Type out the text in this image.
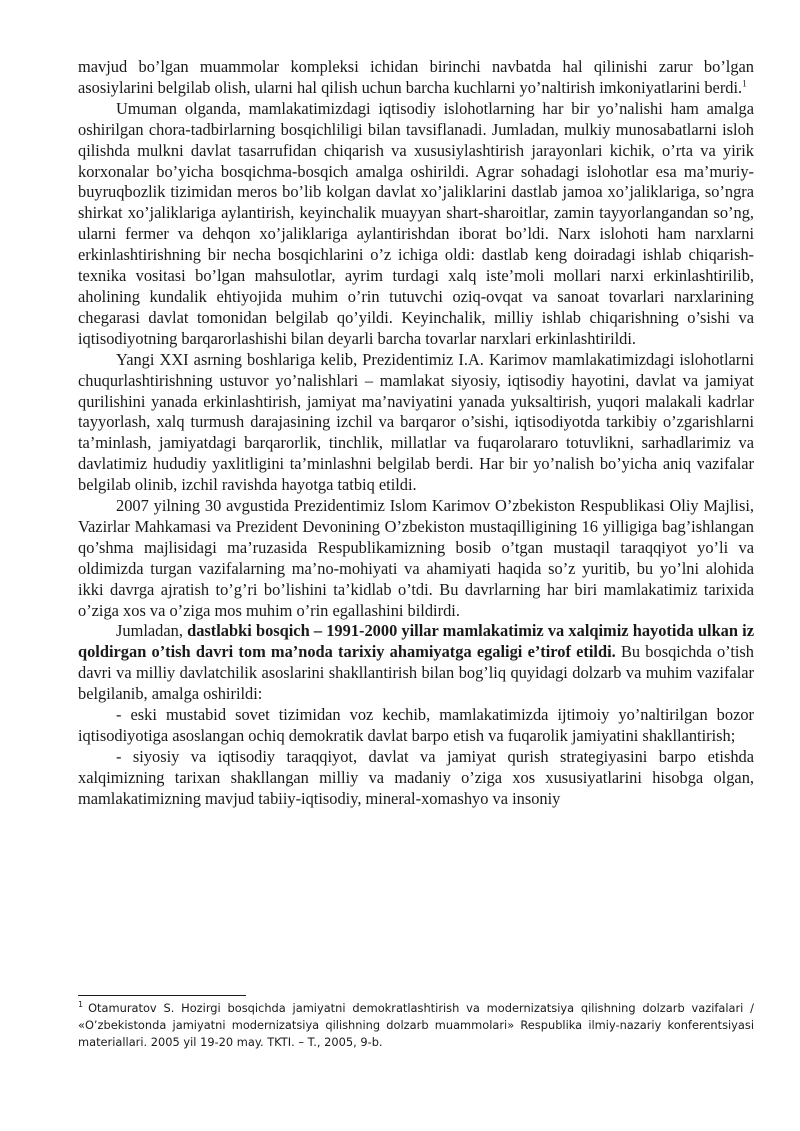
mavjud bo’lgan muammolar kompleksi ichidan birinchi navbatda hal qilinishi zarur bo’lgan asosiylarini belgilab olish, ularni hal qilish uchun barcha kuchlarni yo’naltirish imkoniyatlarini berdi.$^1$

Umuman olganda, mamlakatimizdagi iqtisodiy islohotlarning har bir yo’nalishi ham amalga oshirilgan chora-tadbirlarning bosqichliligi bilan tavsiflanadi. Jumladan, mulkiy munosabatlarni isloh qilishda mulkni davlat tasarrufidan chiqarish va xususiylashtirish jarayonlari kichik, o’rta va yirik korxonalar bo’yicha bosqichma-bosqich amalga oshirildi. Agrar sohadagi islohotlar esa ma’muriy-buyruqbozlik tizimidan meros bo’lib kolgan davlat xo’jaliklarini dastlab jamoa xo’jaliklariga, so’ngra shirkat xo’jaliklariga aylantirish, keyinchalik muayyan shart-sharoitlar, zamin tayyorlangandan so’ng, ularni fermer va dehqon xo’jaliklariga aylantirishdan iborat bo’ldi. Narx islohoti ham narxlarni erkinlashtirishning bir necha bosqichlarini o’z ichiga oldi: dastlab keng doiradagi ishlab chiqarish-texnika vositasi bo’lgan mahsulotlar, ayrim turdagi xalq iste’moli mollari narxi erkinlashtirilib, aholining kundalik ehtiyojida muhim o’rin tutuvchi oziq-ovqat va sanoat tovarlari narxlarining chegarasi davlat tomonidan belgilab qo’yildi. Keyinchalik, milliy ishlab chiqarishning o’sishi va iqtisodiyotning barqarorlashishi bilan deyarli barcha tovarlar narxlari erkinlashtirildi.

Yangi XXI asrning boshlariga kelib, Prezidentimiz I.A. Karimov mamlakatimizdagi islohotlarni chuqurlashtirishning ustuvor yo’nalishlari – mamlakat siyosiy, iqtisodiy hayotini, davlat va jamiyat qurilishini yanada erkinlashtirish, jamiyat ma’naviyatini yanada yuksaltirish, yuqori malakali kadrlar tayyorlash, xalq turmush darajasining izchil va barqaror o’sishi, iqtisodiyotda tarkibiy o’zgarishlarni ta’minlash, jamiyatdagi barqarorlik, tinchlik, millatlar va fuqarolararo totuvlikni, sarhadlarimiz va davlatimiz hududiy yaxlitligini ta’minlashni belgilab berdi. Har bir yo’nalish bo’yicha aniq vazifalar belgilab olinib, izchil ravishda hayotga tatbiq etildi.

2007 yilning 30 avgustida Prezidentimiz Islom Karimov O’zbekiston Respublikasi Oliy Majlisi, Vazirlar Mahkamasi va Prezident Devonining O’zbekiston mustaqilligining 16 yilligiga bag’ishlangan qo’shma majlisidagi ma’ruzasida Respublikamizning bosib o’tgan mustaqil taraqqiyot yo’li va oldimizda turgan vazifalarning ma’no-mohiyati va ahamiyati haqida so’z yuritib, bu yo’lni alohida ikki davrga ajratish to’g’ri bo’lishini ta’kidlab o’tdi. Bu davrlarning har biri mamlakatimiz tarixida o’ziga xos va o’ziga mos muhim o’rin egallashini bildirdi.

Jumladan, dastlabki bosqich – 1991-2000 yillar mamlakatimiz va xalqimiz hayotida ulkan iz qoldirgan o’tish davri tom ma’noda tarixiy ahamiyatga egaligi e’tirof etildi. Bu bosqichda o’tish davri va milliy davlatchilik asoslarini shakllantirish bilan bog’liq quyidagi dolzarb va muhim vazifalar belgilanib, amalga oshirildi:

- eski mustabid sovet tizimidan voz kechib, mamlakatimizda ijtimoiy yo’naltirilgan bozor iqtisodiyotiga asoslangan ochiq demokratik davlat barpo etish va fuqarolik jamiyatini shakllantirish;

- siyosiy va iqtisodiy taraqqiyot, davlat va jamiyat qurish strategiyasini barpo etishda xalqimizning tarixan shakllangan milliy va madaniy o’ziga xos xususiyatlarini hisobga olgan, mamlakatimizning mavjud tabiiy-iqtisodiy, mineral-xomashyo va insoniy

$^1$ Otamuratov S. Hozirgi bosqichda jamiyatni demokratlashtirish va modernizatsiya qilishning dolzarb vazifalari / «O’zbekistonda jamiyatni modernizatsiya qilishning dolzarb muammolari» Respublika ilmiy-nazariy konferentsiyasi materiallari. 2005 yil 19-20 may. TKTI. – T., 2005, 9-b.
